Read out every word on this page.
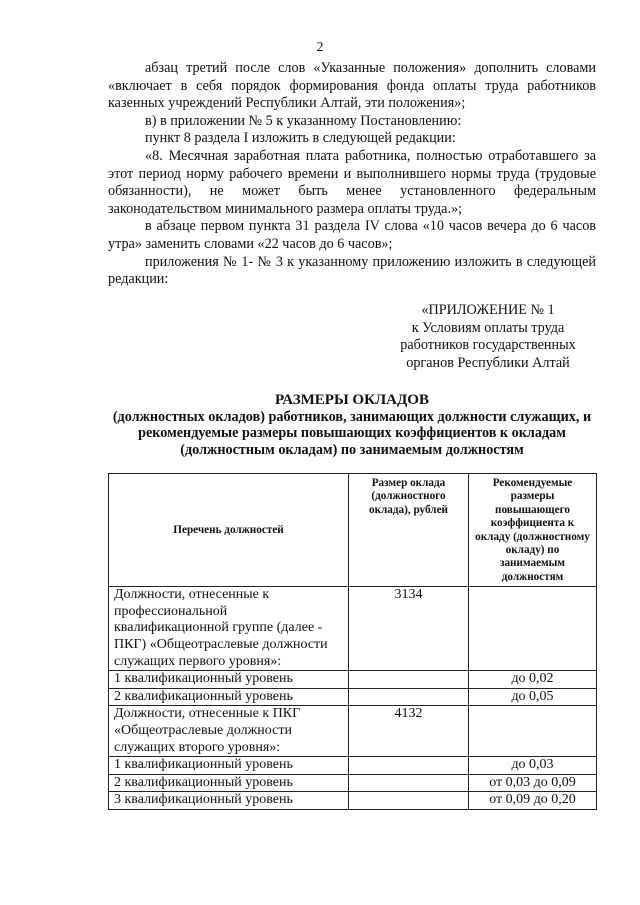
2

абзац третий после слов «Указанные положения» дополнить словами «включает в себя порядок формирования фонда оплаты труда работников казенных учреждений Республики Алтай, эти положения»;

в) в приложении № 5 к указанному Постановлению:

пункт 8 раздела I изложить в следующей редакции:

«8. Месячная заработная плата работника, полностью отработавшего за этот период норму рабочего времени и выполнившего нормы труда (трудовые обязанности), не может быть менее установленного федеральным законодательством минимального размера оплаты труда.»;

в абзаце первом пункта 31 раздела IV слова «10 часов вечера до 6 часов утра» заменить словами «22 часов до 6 часов»;

приложения № 1- № 3 к указанному приложению изложить в следующей редакции:

«ПРИЛОЖЕНИЕ № 1
к Условиям оплаты труда
работников государственных
органов Республики Алтай
РАЗМЕРЫ ОКЛАДОВ
(должностных окладов) работников, занимающих должности служащих, и рекомендуемые размеры повышающих коэффициентов к окладам (должностным окладам) по занимаемым должностям
Перечень должностей	Размер оклада (должностного оклада), рублей	Рекомендуемые размеры повышающего коэффициента к окладу (должностному окладу) по занимаемым должностям
Должности, отнесенные к профессиональной квалификационной группе (далее - ПКГ) «Общеотраслевые должности служащих первого уровня»:	3134	
1 квалификационный уровень		до 0,02
2 квалификационный уровень		до 0,05
Должности, отнесенные к ПКГ «Общеотраслевые должности служащих второго уровня»:	4132	
1 квалификационный уровень		до 0,03
2 квалификационный уровень		от 0,03 до 0,09
3 квалификационный уровень		от 0,09 до 0,20
